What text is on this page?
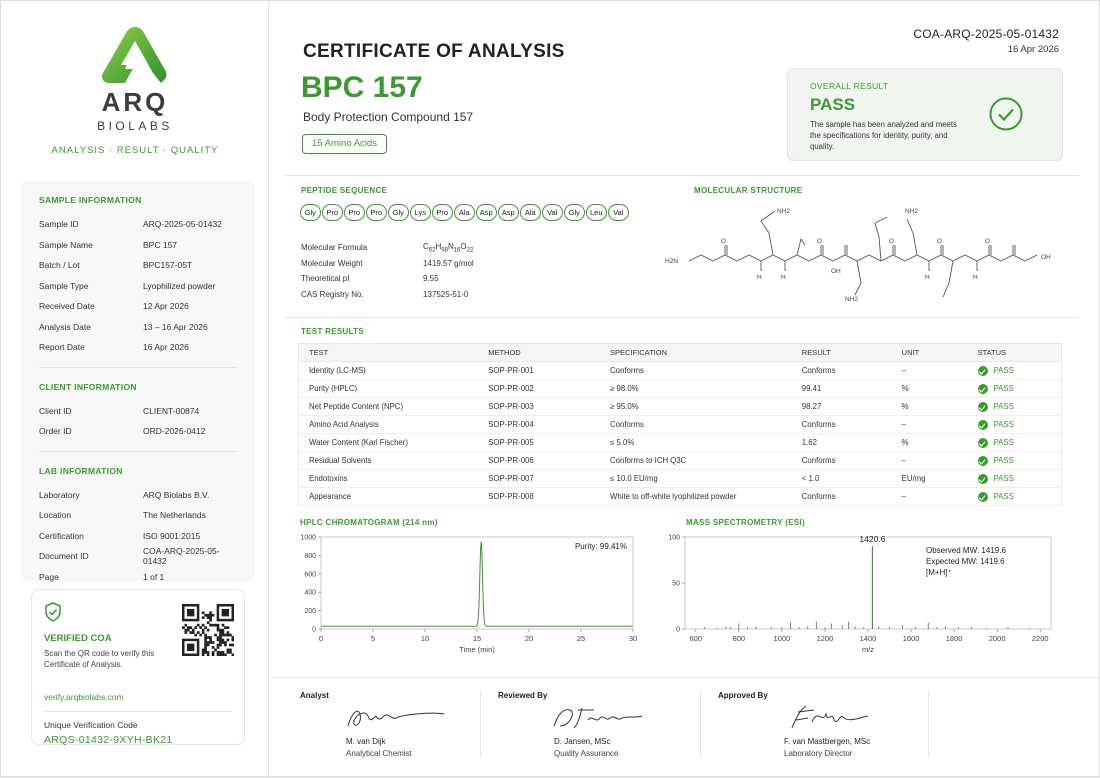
ARQ
BIOLABS
ANALYSIS · RESULT · QUALITY
SAMPLE INFORMATION
Sample ID	ARQ-2025-05-01432
Sample Name	BPC 157
Batch / Lot	BPC157-05T
Sample Type	Lyophilized powder
Received Date	12 Apr 2026
Analysis Date	13 – 16 Apr 2026
Report Date	16 Apr 2026
CLIENT INFORMATION
Client ID	CLIENT-00874
Order ID	ORD-2026-0412
LAB INFORMATION
Laboratory	ARQ Biolabs B.V.
Location	The Netherlands
Certification	ISO 9001:2015
Document ID	COA-ARQ-2025-05-01432
Page	1 of 1
VERIFIED COA
Scan the QR code to verify this Certificate of Analysis.
verify.arqbiolabs.com
Unique Verification Code
ARQS-01432-9XYH-BK21
COA-ARQ-2025-05-01432
16 Apr 2026
CERTIFICATE OF ANALYSIS
BPC 157
Body Protection Compound 157
15 Amino Acids
OVERALL RESULT
PASS
The sample has been analyzed and meets the specifications for identity, purity, and quality.
PEPTIDE SEQUENCE
Gly	Pro	Pro	Pro	Gly	Lys	Pro	Ala	Asp	Asp	Ala	Val	Gly	Leu	Val
Molecular Formula	$C_{62}H_{98}N_{16}O_{22}$
Molecular Weight	1419.57 g/mol
Theoretical pI	9.55
CAS Registry No.	137525-51-0
MOLECULAR STRUCTURE
H2N
NH2	NH2
NH2
OH
OH
O	O	O	O	O
H	H	H	H
TEST RESULTS
TEST	METHOD	SPECIFICATION	RESULT	UNIT	STATUS
Identity (LC-MS)	SOP-PR-001	Conforms	Conforms	–	PASS

Purity (HPLC)	SOP-PR-002	≥ 98.0%	99.41	%	PASS

Net Peptide Content (NPC)	SOP-PR-003	≥ 95.0%	98.27	%	PASS

Amino Acid Analysis	SOP-PR-004	Conforms	Conforms	–	PASS

Water Content (Karl Fischer)	SOP-PR-005	≤ 5.0%	1.62	%	PASS

Residual Solvents	SOP-PR-006	Conforms to ICH Q3C	Conforms	–	PASS

Endotoxins	SOP-PR-007	≤ 10.0 EU/mg	< 1.0	EU/mg	PASS

Appearance	SOP-PR-008	White to off-white lyophilized powder	Conforms	–	PASS
HPLC CHROMATOGRAM (214 nm)
0	5	10	15	20	25	30
0
200
400
600
800
1000
Purity: 99.41%
Time (min)
MASS SPECTROMETRY (ESI)
600	800	1000	1200	1400	1600	1800	2000	2200
0
50
100	1420.6
Observed MW: 1419.6
Expected MW: 1419.6
[M+H]⁺
m/z
Analyst
M. van Dijk
Analytical Chemist
Reviewed By
D. Jansen, MSc
Quality Assurance
Approved By
F. van Mastbergen, MSc
Laboratory Director
